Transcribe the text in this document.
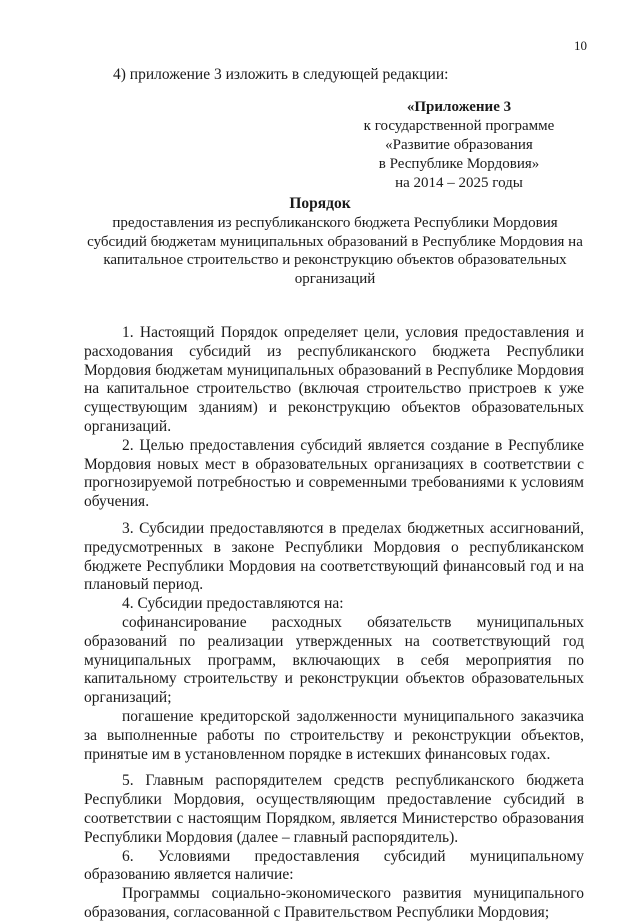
10
4) приложение 3 изложить в следующей редакции:
«Приложение 3
к государственной программе
«Развитие образования
в Республике Мордовия»
на 2014 – 2025 годы
Порядок
предоставления из республиканского бюджета Республики Мордовия субсидий бюджетам муниципальных образований в Республике Мордовия на капитальное строительство и реконструкцию объектов образовательных организаций

1. Настоящий Порядок определяет цели, условия предоставления и расходования субсидий из республиканского бюджета Республики Мордовия бюджетам муниципальных образований в Республике Мордовия на капитальное строительство (включая строительство пристроев к уже существующим зданиям) и реконструкцию объектов образовательных организаций.

2. Целью предоставления субсидий является создание в Республике Мордовия новых мест в образовательных организациях в соответствии с прогнозируемой потребностью и современными требованиями к условиям обучения.

3. Субсидии предоставляются в пределах бюджетных ассигнований, предусмотренных в законе Республики Мордовия о республиканском бюджете Республики Мордовия на соответствующий финансовый год и на плановый период.

4. Субсидии предоставляются на:

софинансирование расходных обязательств муниципальных образований по реализации утвержденных на соответствующий год муниципальных программ, включающих в себя мероприятия по капитальному строительству и реконструкции объектов образовательных организаций;

погашение кредиторской задолженности муниципального заказчика за выполненные работы по строительству и реконструкции объектов, принятые им в установленном порядке в истекших финансовых годах.

5. Главным распорядителем средств республиканского бюджета Республики Мордовия, осуществляющим предоставление субсидий в соответствии с настоящим Порядком, является Министерство образования Республики Мордовия (далее – главный распорядитель).

6. Условиями предоставления субсидий муниципальному образованию является наличие:

Программы социально-экономического развития муниципального образования, согласованной с Правительством Республики Мордовия;
